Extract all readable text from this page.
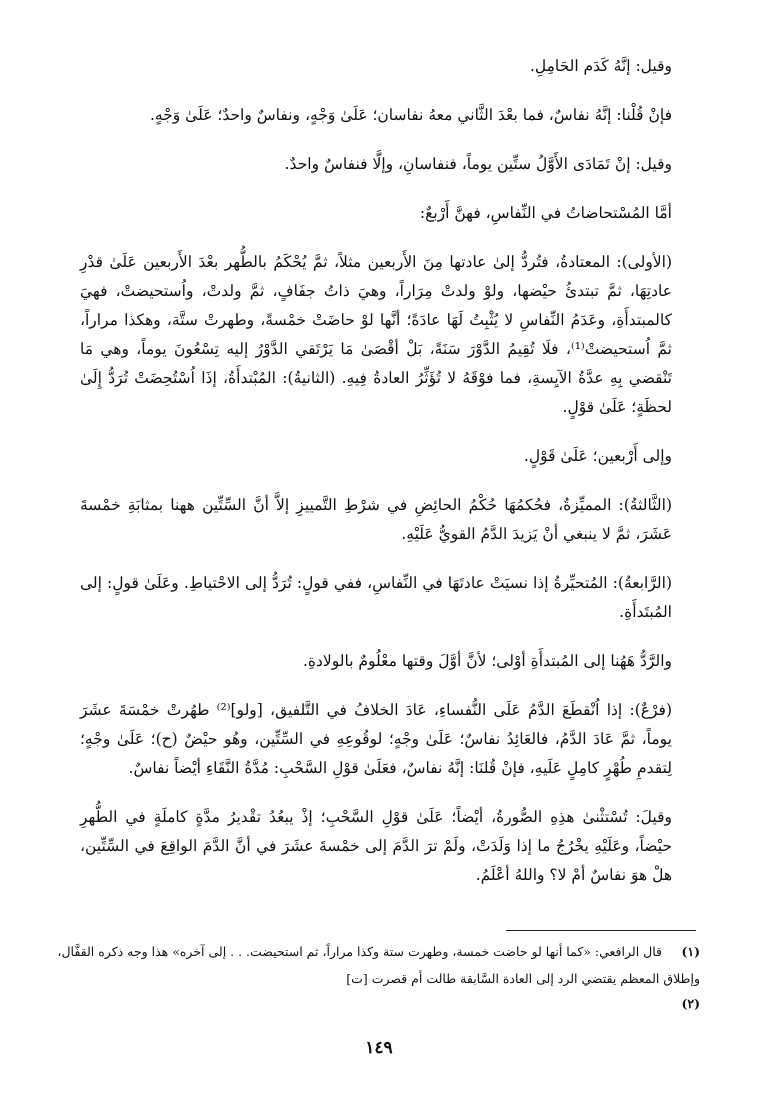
وقيل: إنَّهُ كَدَم الحَامِلِ.

فإنْ قُلْنا: إنَّهُ نفاسٌ، فما بعْدَ الثَّاني معهُ نفاسان؛ عَلَىٰ وَجْهٍ، ونفاسٌ واحدٌ؛ عَلَىٰ وَجْهٍ.

وقيل: إنْ تَمَادَى الأَوَّلُ ستِّين يوماً، فنفاسانِ، وإلَّا فنفاسٌ واحدٌ.

أمَّا المُسْتحاضاتُ في النِّفاسِ، فهنَّ أَرْبعٌ:

(الأولى): المعتادةُ، فتُردُّ إلىٰ عادتها مِنَ الأَربعين مثلاً، ثمَّ يُحْكَمُ بالطُّهر بعْدَ الأَربعين عَلَىٰ قدْرِ عادتِهَا، ثمَّ تبتدئُ حيْضها، ولوْ ولدتْ مِرَاراً، وهيَ ذاتُ جفَافٍ، ثمَّ ولدتْ، واُستحيضتْ، فهيَ كالمبتدأَةِ، وعَدَمُ النِّفاسِ لا يُثْبِتُ لَهَا عادَةً؛ أنَّها لوْ حاضَتْ خمْسةً، وطهرتْ ستَّة، وهكذا مراراً، ثمَّ اُستحيضتْ⁽¹⁾، فلَا تُقِيمُ الدَّوْرَ سَنَةً، بَلْ أقْصَىٰ مَا يَرْتَقي الدَّوْرُ إليه تِسْعُونَ يوماً، وهي مَا تَنْقضي بِهِ عدَّةُ الآيِسةِ، فما فوْقَهُ لا تُؤَثِّرُ العادةُ فِيهِ. (الثانيةُ): المُبْتدأَةُ، إذَا اُسْتُحِضَتْ تُرَدُّ إِلَىٰ لحظَةٍ؛ عَلَىٰ قوْلٍ.

وإلى أَرْبعين؛ عَلَىٰ قَوْلٍ.

(الثَّالثةُ): المميِّزةُ، فحُكمُهَا حُكْمُ الحائِضِ في شرْطِ التَّمييزِ إلاَّ أنَّ السِّتِّين ههنا بمثابَةِ خمْسةَ عَشَرَ، ثمَّ لا ينبغي أنْ يَزيدَ الدَّمُ القويُّ عَلَيْهِ.

(الرَّابعةُ): المُتحيِّرةُ إذا نسيَتْ عادتَهَا في النِّفاسِ، ففي قولٍ: تُرَدُّ إلى الاحْتياطِ. وعَلَىٰ قولٍ: إلى المُبتَدأَةِ.

والرَّدُّ هَهُنا إلى المُبتدأَةِ أوْلى؛ لأنَّ أوَّلَ وقتها معْلُومٌ بالولادةِ.

(فرْعٌ): إذا اُنْقطَعَ الدَّمُ عَلَى النُّفساءِ، عَادَ الخلافُ في التَّلفيق، [ولو]⁽²⁾ طهُرتْ خمْسَةَ عشَرَ يوماً، ثمَّ عَادَ الدَّمُ، فالعَائِدُ نفاسٌ؛ عَلَىٰ وجْهٍ؛ لوقُوعِهِ في السِّتِّين، وهُو حيْضٌ (ح)؛ عَلَىٰ وجْهٍ؛ لِتقدمِ طُهْرٍ كامِلٍ عَلَيهِ، فإنْ قُلنَا: إنَّهُ نفاسٌ، فعَلَىٰ قوْلِ السَّحْبِ: مُدَّةُ النَّقَاءِ أيْضاً نفاسٌ.

وقيلَ: تُسْتثْنىٰ هذِهِ الصُّورةُ، أيْضاً؛ عَلَىٰ قوْلِ السَّحْبِ؛ إذْ يبعُدُ تقْديرُ مدَّةٍ كاملَةٍ في الطُّهرِ حيْضاً، وعَلَيْهِ يخْرُجُ ما إذا وَلَدَتْ، ولَمْ ترَ الدَّمَ إلى خمْسةَ عشَرَ في أنَّ الدَّمَ الواقِعَ في السِّتِّين، هلْ هوَ نفاسٌ أمْ لا؟ واللهُ أعْلَمُ.

(١) قال الرافعي: «كما أنها لو حاضت خمسة، وطهرت ستة وكذا مراراً، ثم استحيضت. . . إلى آخره» هذا وجه ذكره القفَّال، وإطلاق المعظم يقتضي الرد إلى العادة السَّابقة طالت أم قصرت [ت]
(٢)
١٤٩
